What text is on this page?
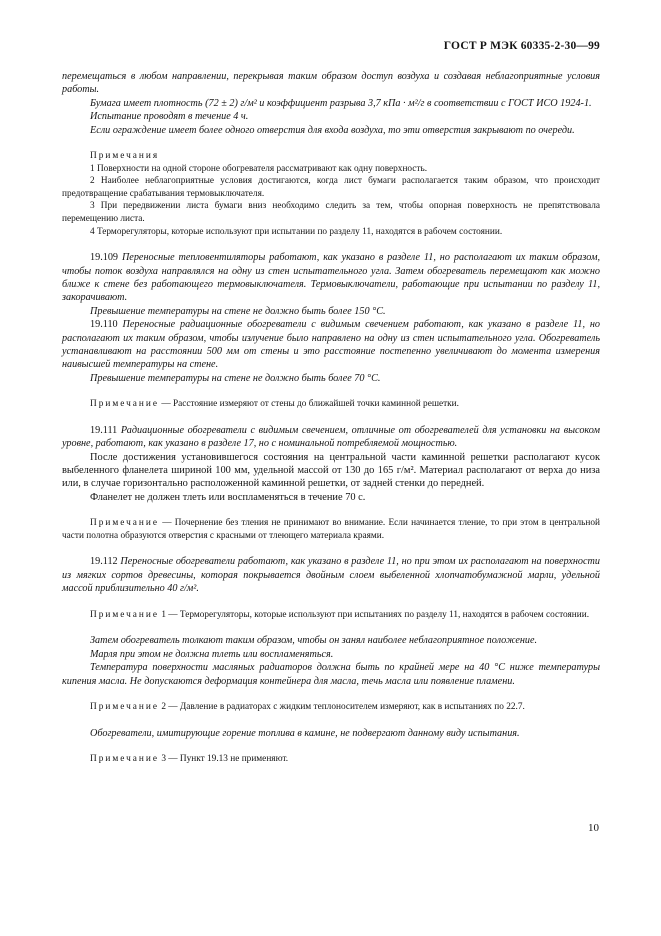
ГОСТ Р МЭК 60335-2-30—99

перемещаться в любом направлении, перекрывая таким образом доступ воздуха и создавая неблагоприятные условия работы.

Бумага имеет плотность (72 ± 2) г/м² и коэффициент разрыва 3,7 кПа · м²/г в соответствии с ГОСТ ИСО 1924-1.

Испытание проводят в течение 4 ч.

Если ограждение имеет более одного отверстия для входа воздуха, то эти отверстия закрывают по очереди.

Примечания

1 Поверхности на одной стороне обогревателя рассматривают как одну поверхность.

2 Наиболее неблагоприятные условия достигаются, когда лист бумаги располагается таким образом, что происходит предотвращение срабатывания термовыключателя.

3 При передвижении листа бумаги вниз необходимо следить за тем, чтобы опорная поверхность не препятствовала перемещению листа.

4 Терморегуляторы, которые используют при испытании по разделу 11, находятся в рабочем состоянии.

19.109 Переносные тепловентиляторы работают, как указано в разделе 11, но располагают их таким образом, чтобы поток воздуха направлялся на одну из стен испытательного угла. Затем обогреватель перемещают как можно ближе к стене без работающего термовыключателя. Термовыключатели, работающие при испытании по разделу 11, закорачивают.

Превышение температуры на стене не должно быть более 150 °С.

19.110 Переносные радиационные обогреватели с видимым свечением работают, как указано в разделе 11, но располагают их таким образом, чтобы излучение было направлено на одну из стен испытательного угла. Обогреватель устанавливают на расстоянии 500 мм от стены и это расстояние постепенно увеличивают до момента измерения наивысшей температуры на стене.

Превышение температуры на стене не должно быть более 70 °С.

Примечание — Расстояние измеряют от стены до ближайшей точки каминной решетки.

19.111 Радиационные обогреватели с видимым свечением, отличные от обогревателей для установки на высоком уровне, работают, как указано в разделе 17, но с номинальной потребляемой мощностью.

После достижения установившегося состояния на центральной части каминной решетки располагают кусок выбеленного фланелета шириной 100 мм, удельной массой от 130 до 165 г/м². Материал располагают от верха до низа или, в случае горизонтально расположенной каминной решетки, от задней стенки до передней.

Фланелет не должен тлеть или воспламеняться в течение 70 с.

Примечание — Почернение без тления не принимают во внимание. Если начинается тление, то при этом в центральной части полотна образуются отверстия с красными от тлеющего материала краями.

19.112 Переносные обогреватели работают, как указано в разделе 11, но при этом их располагают на поверхности из мягких сортов древесины, которая покрывается двойным слоем выбеленной хлопчатобумажной марли, удельной массой приблизительно 40 г/м².

Примечание 1 — Терморегуляторы, которые используют при испытаниях по разделу 11, находятся в рабочем состоянии.

Затем обогреватель толкают таким образом, чтобы он занял наиболее неблагоприятное положение.

Марля при этом не должна тлеть или воспламеняться.

Температура поверхности масляных радиаторов должна быть по крайней мере на 40 °С ниже температуры кипения масла. Не допускаются деформация контейнера для масла, течь масла или появление пламени.

Примечание 2 — Давление в радиаторах с жидким теплоносителем измеряют, как в испытаниях по 22.7.

Обогреватели, имитирующие горение топлива в камине, не подвергают данному виду испытания.

Примечание 3 — Пункт 19.13 не применяют.

10
